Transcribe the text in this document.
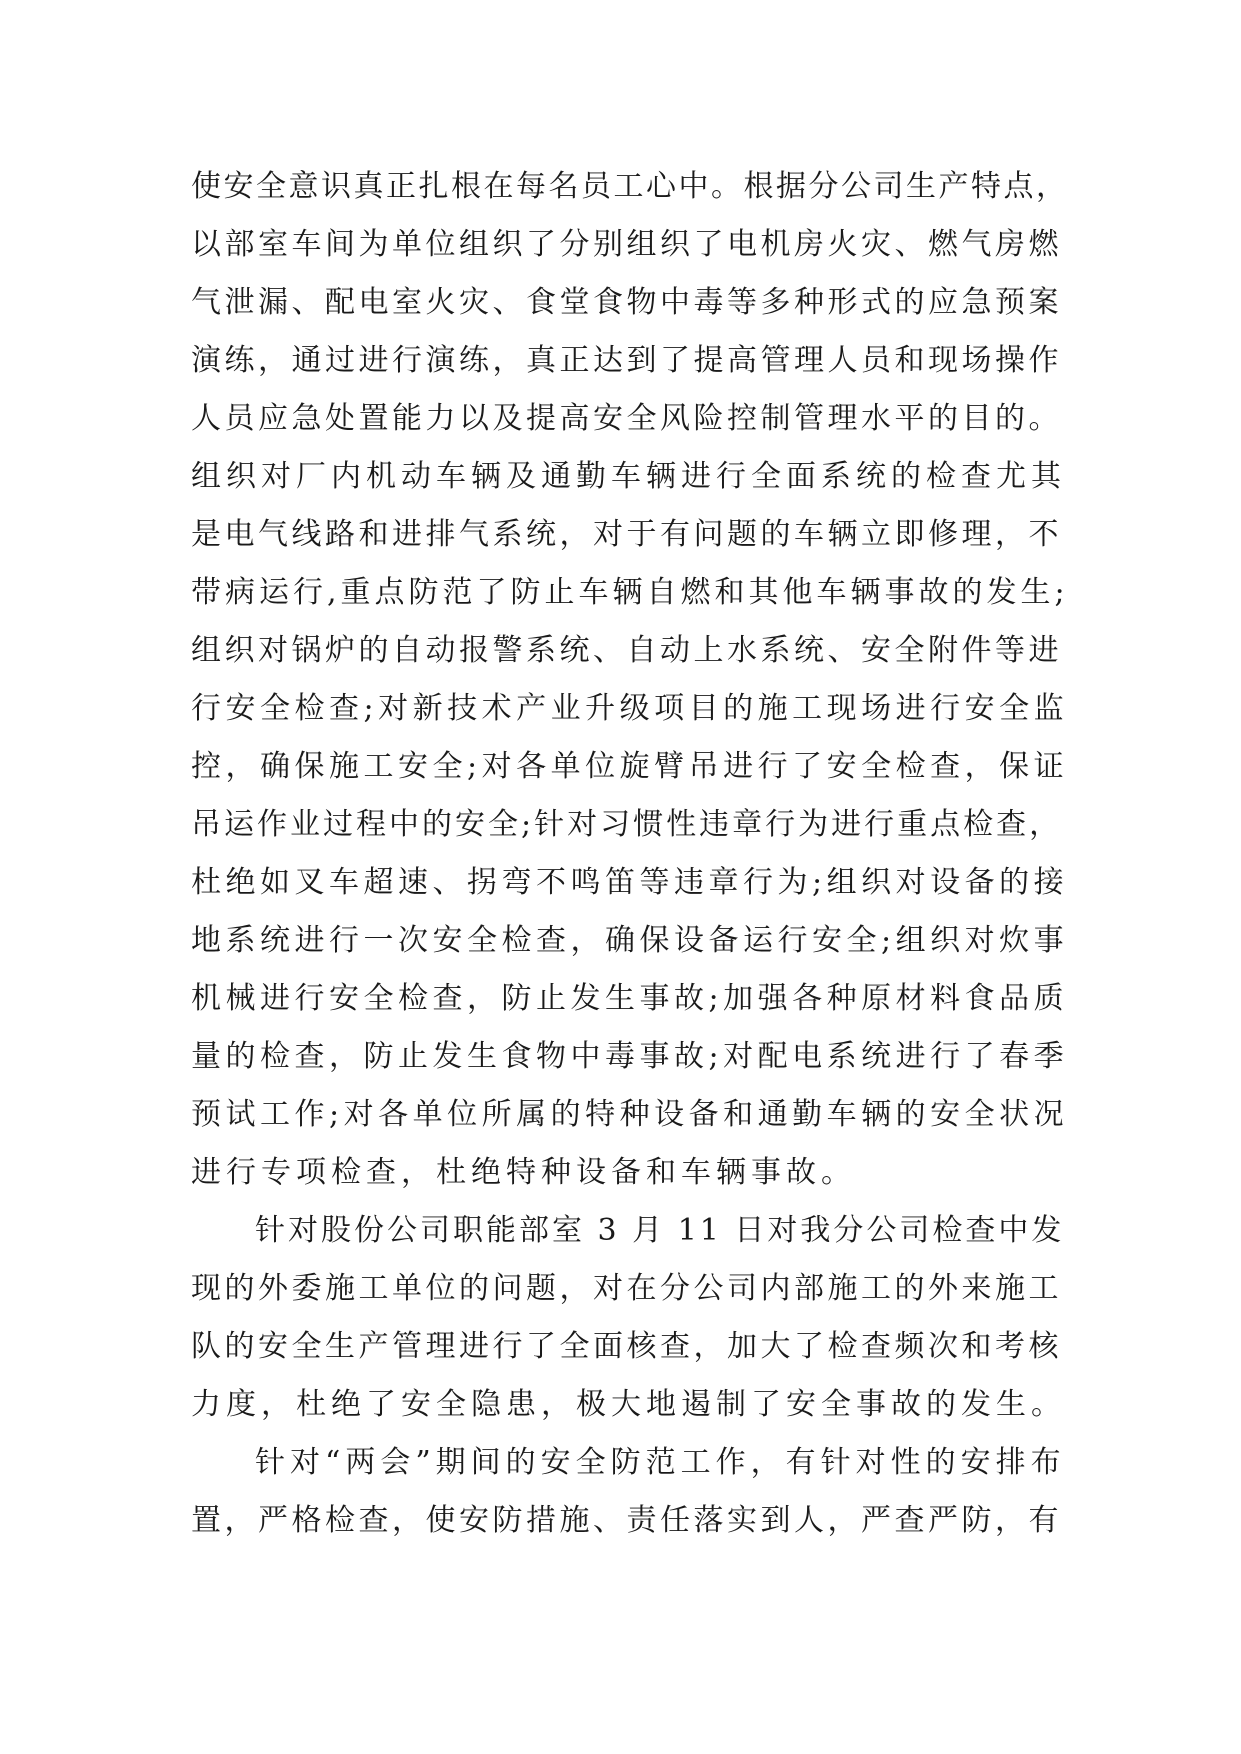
使安全意识真正扎根在每名员工心中。根据分公司生产特点，
以部室车间为单位组织了分别组织了电机房火灾、燃气房燃
气泄漏、配电室火灾、食堂食物中毒等多种形式的应急预案
演练，通过进行演练，真正达到了提高管理人员和现场操作
人员应急处置能力以及提高安全风险控制管理水平的目的。
组织对厂内机动车辆及通勤车辆进行全面系统的检查尤其
是电气线路和进排气系统，对于有问题的车辆立即修理，不
带病运行,重点防范了防止车辆自燃和其他车辆事故的发生;
组织对锅炉的自动报警系统、自动上水系统、安全附件等进
行安全检查;对新技术产业升级项目的施工现场进行安全监
控，确保施工安全;对各单位旋臂吊进行了安全检查，保证
吊运作业过程中的安全;针对习惯性违章行为进行重点检查，
杜绝如叉车超速、拐弯不鸣笛等违章行为;组织对设备的接
地系统进行一次安全检查，确保设备运行安全;组织对炊事
机械进行安全检查，防止发生事故;加强各种原材料食品质
量的检查，防止发生食物中毒事故;对配电系统进行了春季
预试工作;对各单位所属的特种设备和通勤车辆的安全状况
进行专项检查，杜绝特种设备和车辆事故。
针对股份公司职能部室 3 月 11 日对我分公司检查中发
现的外委施工单位的问题，对在分公司内部施工的外来施工
队的安全生产管理进行了全面核查，加大了检查频次和考核
力度，杜绝了安全隐患，极大地遏制了安全事故的发生。
针对“两会”期间的安全防范工作，有针对性的安排布
置，严格检查，使安防措施、责任落实到人，严查严防，有
